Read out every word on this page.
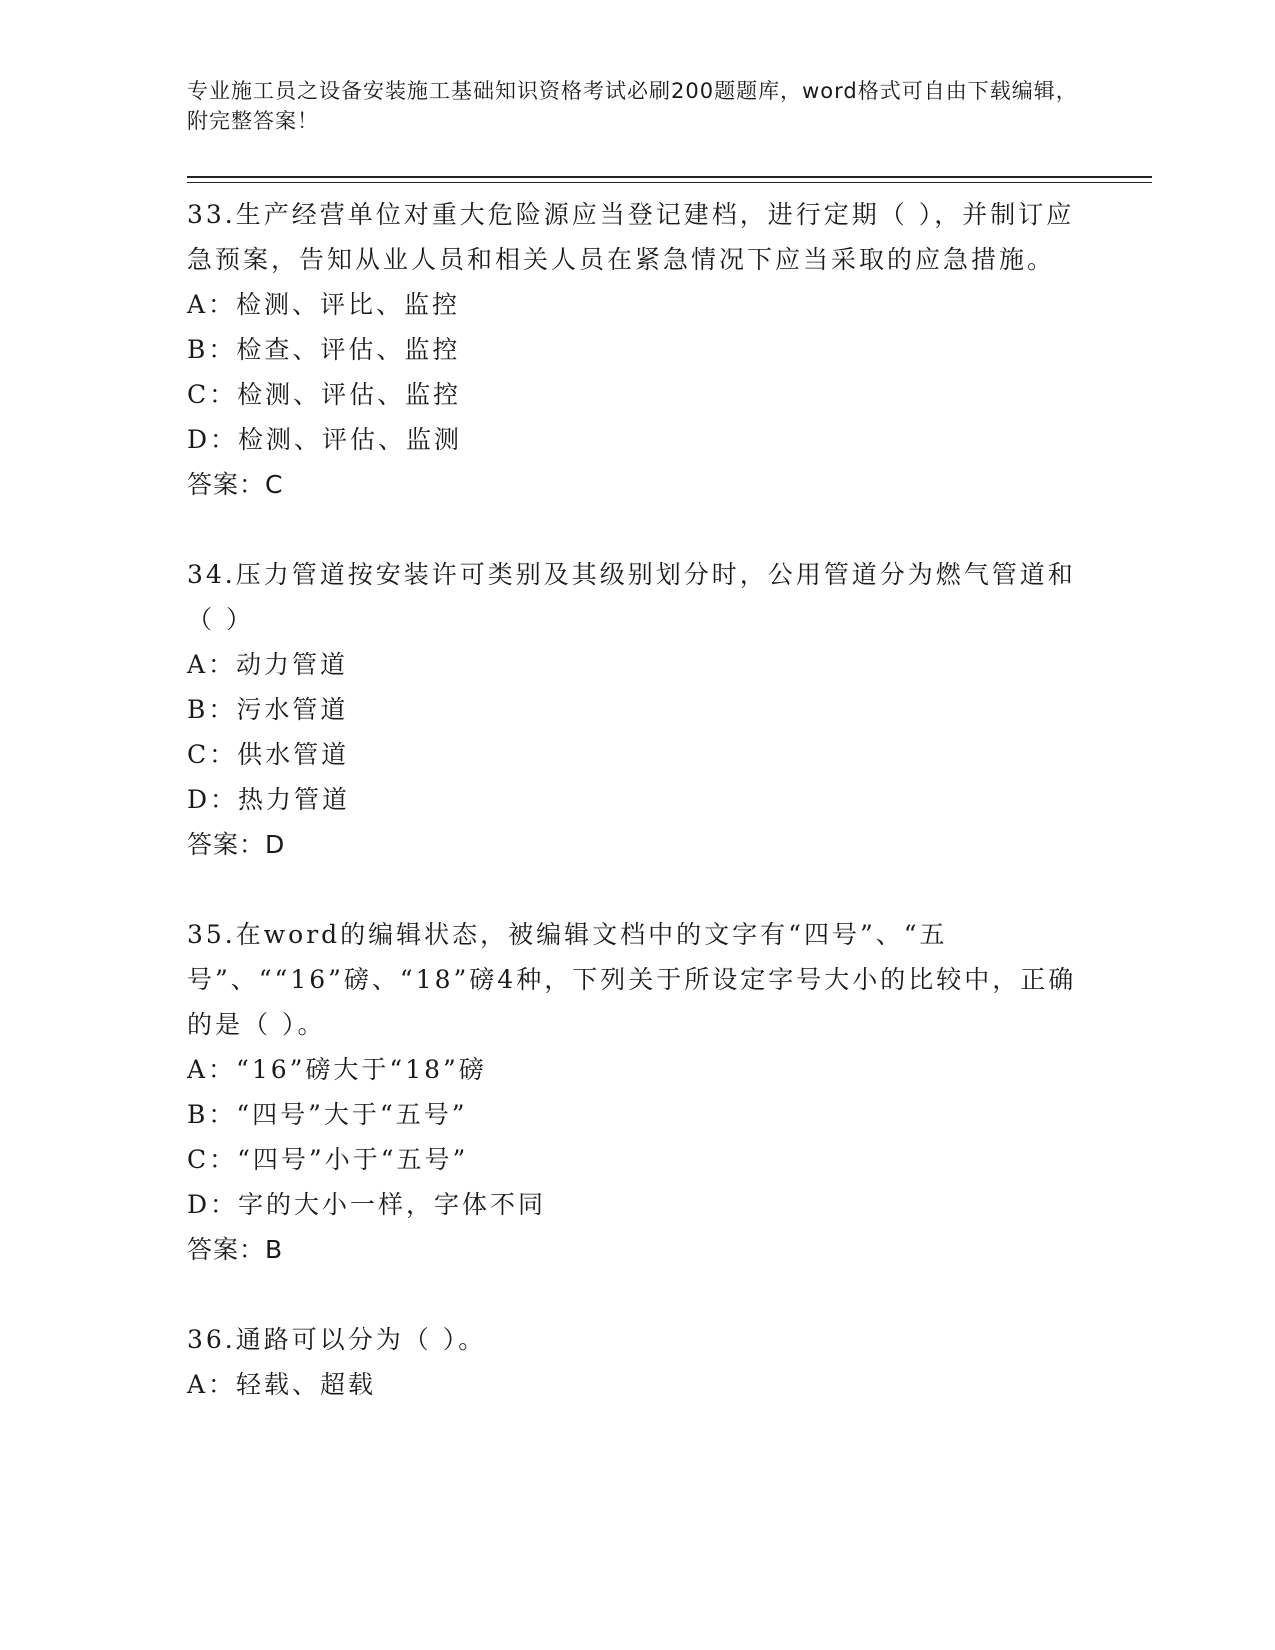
专业施工员之设备安装施工基础知识资格考试必刷200题题库，word格式可自由下载编辑，附完整答案！
33.生产经营单位对重大危险源应当登记建档，进行定期（ ），并制订应急预案，告知从业人员和相关人员在紧急情况下应当采取的应急措施。
A：检测、评比、监控
B：检查、评估、监控
C：检测、评估、监控
D：检测、评估、监测
答案：C
34.压力管道按安装许可类别及其级别划分时，公用管道分为燃气管道和（ ）
A：动力管道
B：污水管道
C：供水管道
D：热力管道
答案：D
35.在word的编辑状态，被编辑文档中的文字有“四号”、“五号”、““16”磅、“18”磅4种，下列关于所设定字号大小的比较中，正确的是（ ）。
A：“16”磅大于“18”磅
B：“四号”大于“五号”
C：“四号”小于“五号”
D：字的大小一样，字体不同
答案：B
36.通路可以分为（ ）。
A：轻载、超载
